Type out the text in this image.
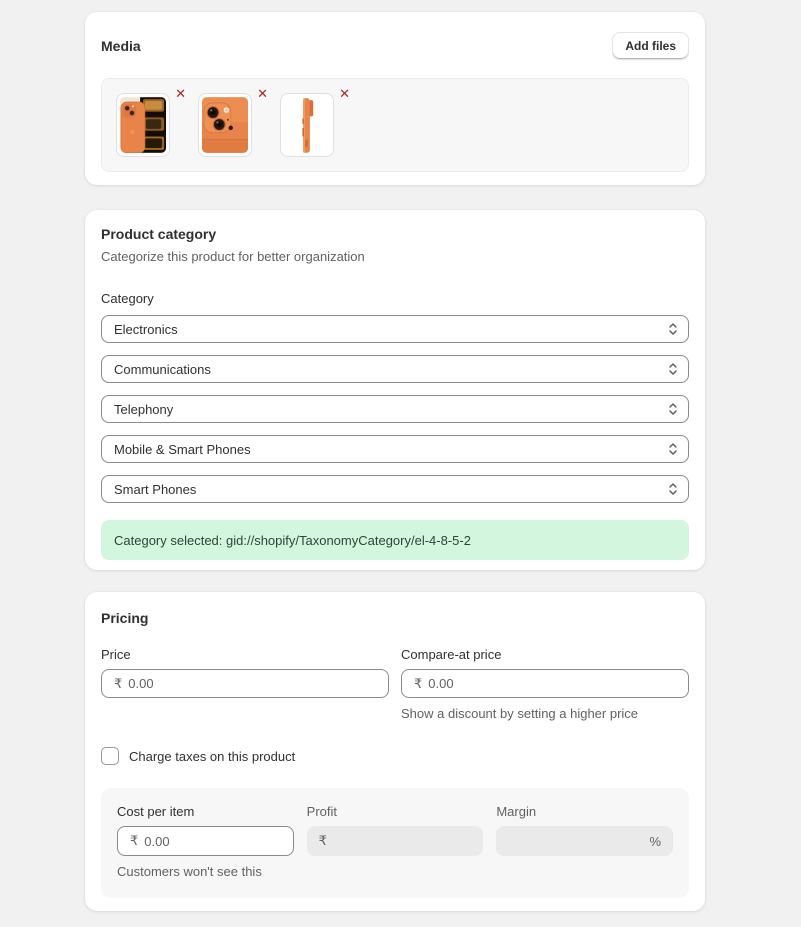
Media	Add files
✕	✕	✕
Product category

Categorize this product for better organization

Category
Electronics
Communications
Telephony
Mobile & Smart Phones
Smart Phones
Category selected: gid://shopify/TaxonomyCategory/el-4-8-5-2
Pricing
Price
₹
0.00
Compare-at price
₹
0.00
Show a discount by setting a higher price
Charge taxes on this product
Cost per item
₹
0.00
Customers won't see this
Profit
₹
Margin
%
